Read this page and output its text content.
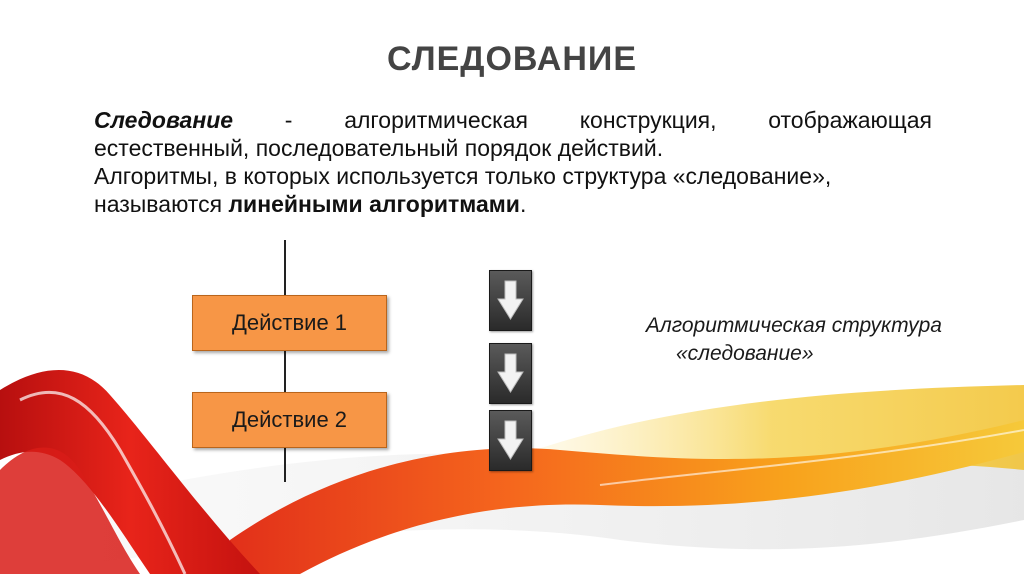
СЛЕДОВАНИЕ
Следование - алгоритмическая конструкция, отображающая
естественный, последовательный порядок действий.
Алгоритмы, в которых используется только структура «следование»,
называются линейными алгоритмами.
Действие 1
Действие 2
Алгоритмическая структура
«следование»
